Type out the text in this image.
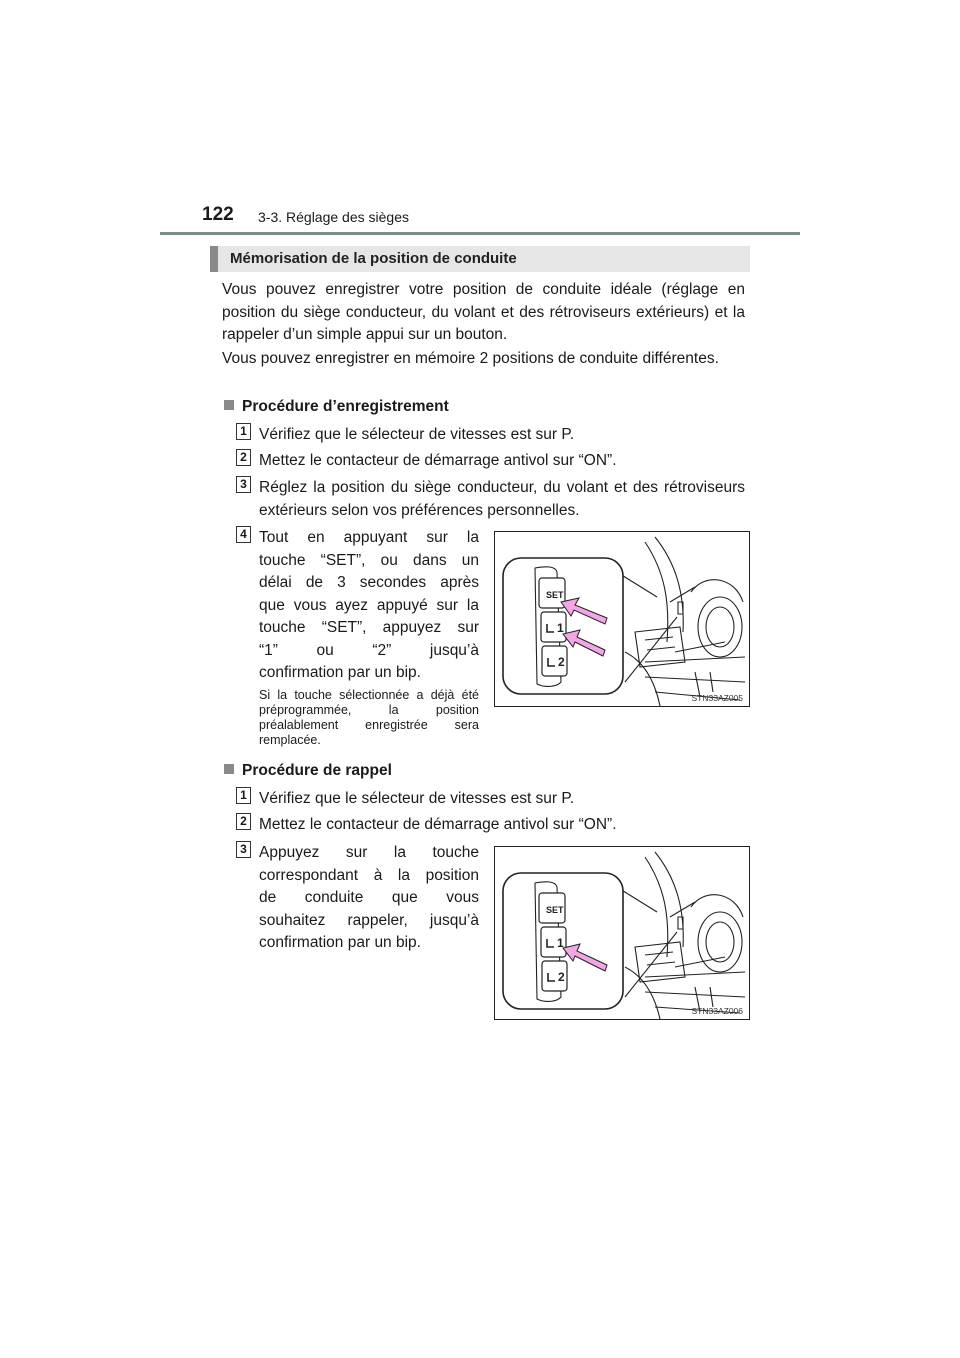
122 3-3. Réglage des sièges
Mémorisation de la position de conduite
Vous pouvez enregistrer votre position de conduite idéale (réglage en position du siège conducteur, du volant et des rétroviseurs extérieurs) et la rappeler d’un simple appui sur un bouton.
Vous pouvez enregistrer en mémoire 2 positions de conduite différentes.
Procédure d’enregistrement
1 Vérifiez que le sélecteur de vitesses est sur P.
2 Mettez le contacteur de démarrage antivol sur “ON”.
3 Réglez la position du siège conducteur, du volant et des rétroviseurs extérieurs selon vos préférences personnelles.
4 Tout en appuyant sur la
touche “SET”, ou dans un
délai de 3 secondes après
que vous ayez appuyé sur la
touche “SET”, appuyez sur
“1” ou “2” jusqu’à
confirmation par un bip.
Si la touche sélectionnée a déjà été préprogrammée, la position préalablement enregistrée sera remplacée.
SET
1
2
STN33AZ005
Procédure de rappel
1 Vérifiez que le sélecteur de vitesses est sur P.
2 Mettez le contacteur de démarrage antivol sur “ON”.
3 Appuyez sur la touche
correspondant à la position
de conduite que vous
souhaitez rappeler, jusqu’à
confirmation par un bip.
SET
1
2
STN33AZ006
